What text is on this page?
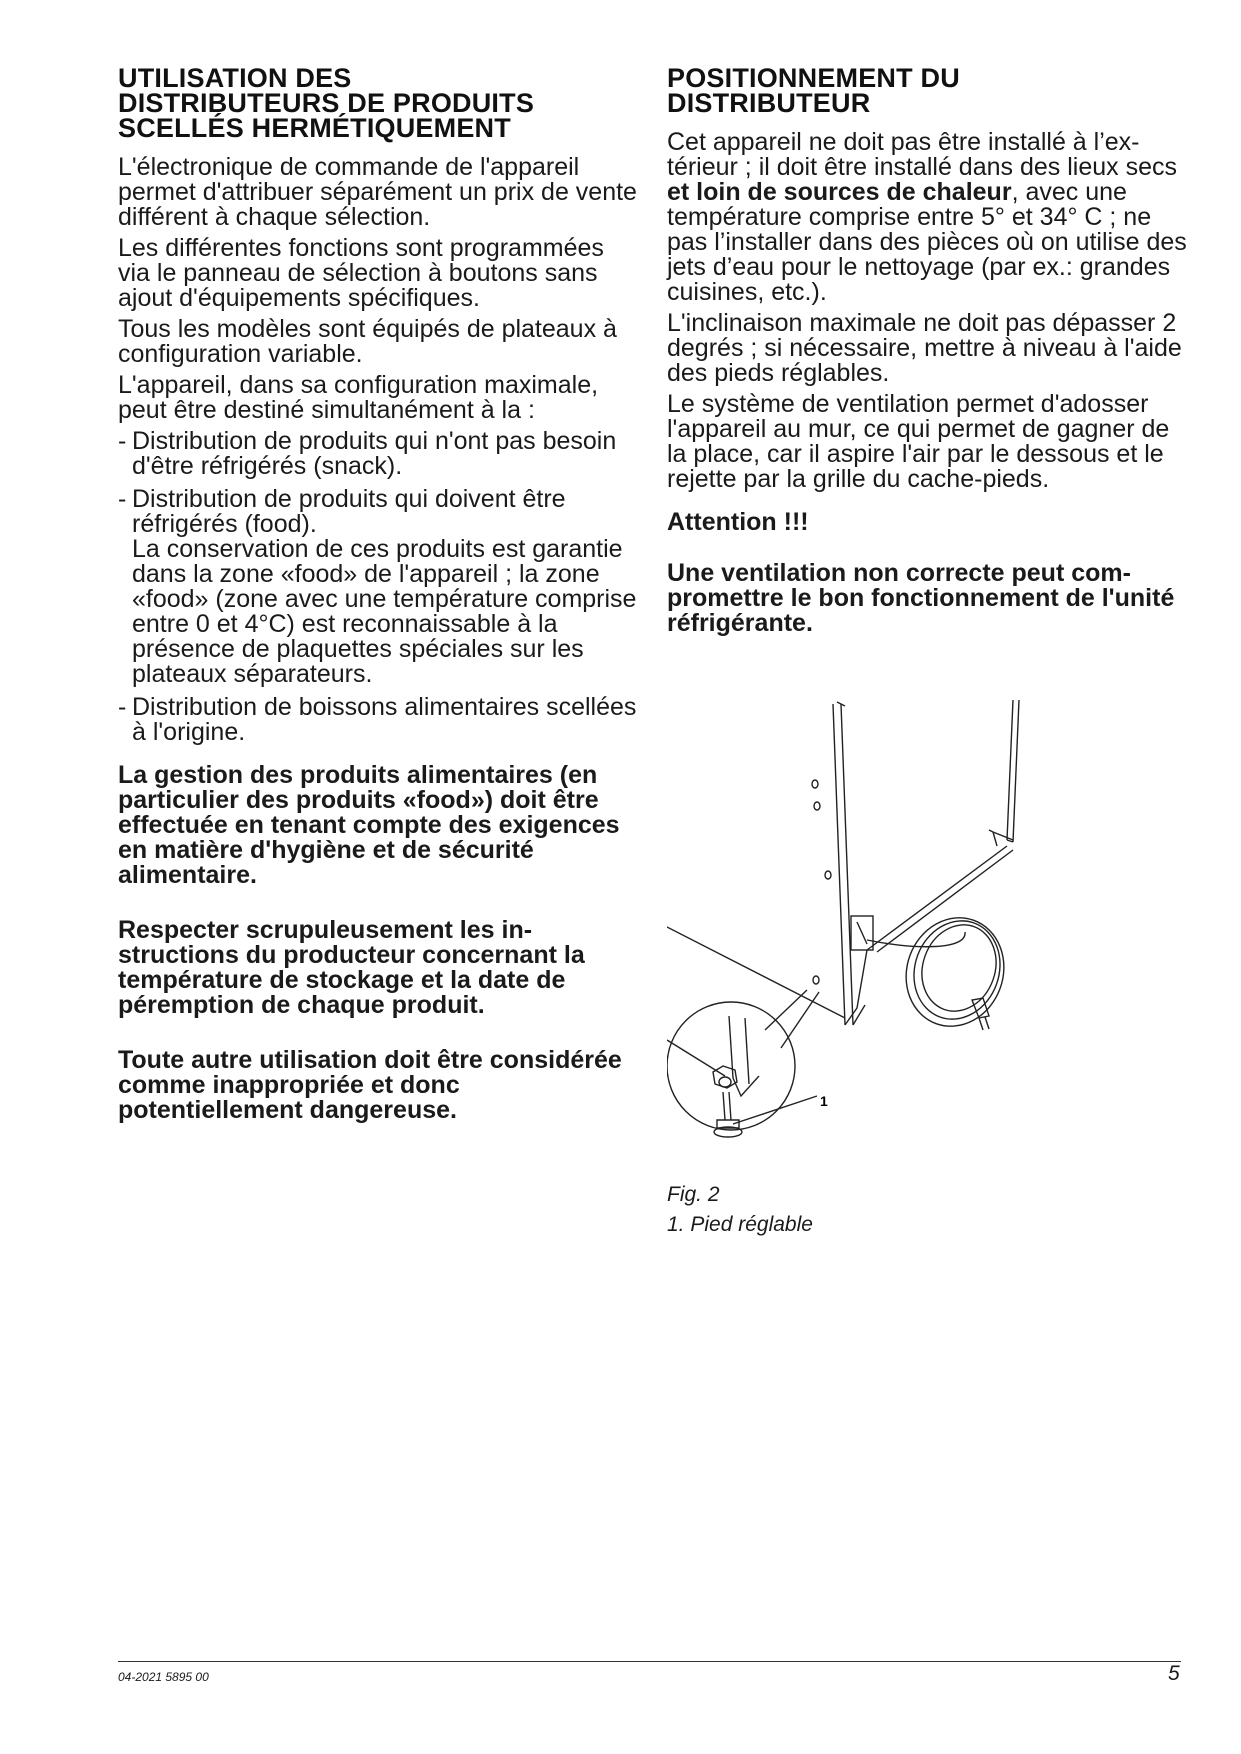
UTILISATION DES
DISTRIBUTEURS DE PRODUITS
SCELLÉS HERMÉTIQUEMENT

L'électronique de commande de l'appareil permet d'attribuer séparément un prix de vente différent à chaque sélection.

Les différentes fonctions sont programmées via le panneau de sélection à boutons sans ajout d'équipements spécifiques.

Tous les modèles sont équipés de plateaux à configuration variable.

L'appareil, dans sa configuration maximale, peut être destiné simultanément à la :

- Distribution de produits qui n'ont pas besoin d'être réfrigérés (snack).
- Distribution de produits qui doivent être réfrigérés (food).
La conservation de ces produits est garantie dans la zone «food» de l'appareil ; la zone «food» (zone avec une température comprise entre 0 et 4°C) est reconnaissable à la présence de plaquettes spéciales sur les plateaux séparateurs.
- Distribution de boissons alimentaires scellées à l'origine.

La gestion des produits alimentaires (en particulier des produits «food») doit être effectuée en tenant compte des exigences en matière d'hygiène et de sécurité alimentaire.

Respecter scrupuleusement les instructions du producteur concernant la température de stockage et la date de péremption de chaque produit.

Toute autre utilisation doit être considérée comme inappropriée et donc potentiellement dangereuse.

POSITIONNEMENT DU
DISTRIBUTEUR

Cet appareil ne doit pas être installé à l’extérieur ; il doit être installé dans des lieux secs et loin de sources de chaleur, avec une température comprise entre 5° et 34° C ; ne pas l’installer dans des pièces où on utilise des jets d’eau pour le nettoyage (par ex.: grandes cuisines, etc.).

L'inclinaison maximale ne doit pas dépasser 2 degrés ; si nécessaire, mettre à niveau à l'aide des pieds réglables.

Le système de ventilation permet d'adosser l'appareil au mur, ce qui permet de gagner de la place, car il aspire l'air par le dessous et le rejette par la grille du cache-pieds.

Attention !!!

Une ventilation non correcte peut compromettre le bon fonctionnement de l'unité réfrigérante.

1
Fig. 2
1. Pied réglable
04-2021 5895 00	5
